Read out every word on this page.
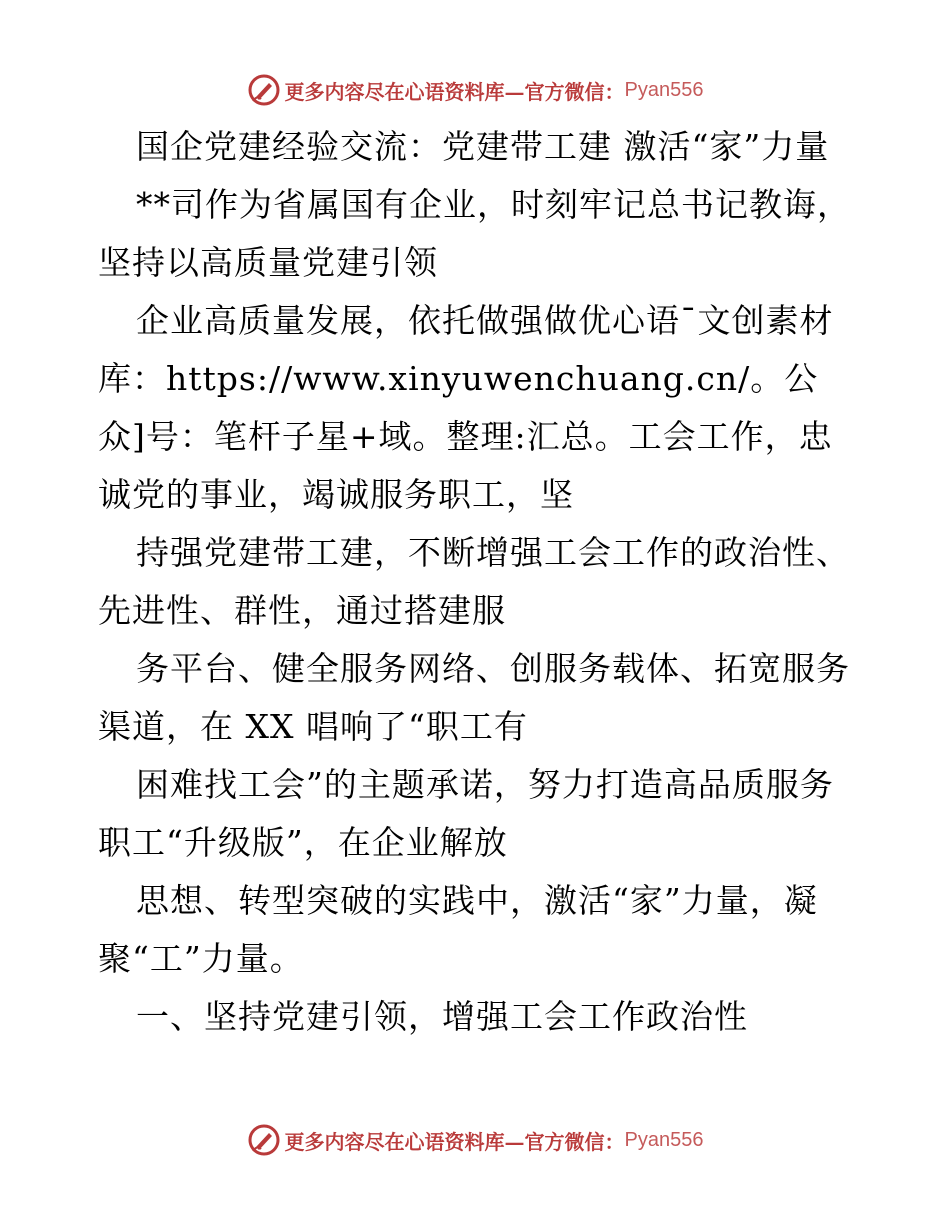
更多内容尽在心语资料库—官方微信： Pyan556

国企党建经验交流：党建带工建 激活“家”力量

**司作为省属国有企业，时刻牢记总书记教诲，坚持以高质量党建引领

企业高质量发展，依托做强做优心语¯文创素材库：https://www.xinyuwenchuang.cn/。公众]号：笔杆子星+域。整理:汇总。工会工作，忠诚党的事业，竭诚服务职工，坚

持强党建带工建，不断增强工会工作的政治性、先进性、群性，通过搭建服

务平台、健全服务网络、创服务载体、拓宽服务渠道，在 XX 唱响了“职工有

困难找工会”的主题承诺，努力打造高品质服务职工“升级版”，在企业解放

思想、转型突破的实践中，激活“家”力量，凝聚“工”力量。

一、坚持党建引领，增强工会工作政治性

更多内容尽在心语资料库—官方微信： Pyan556
